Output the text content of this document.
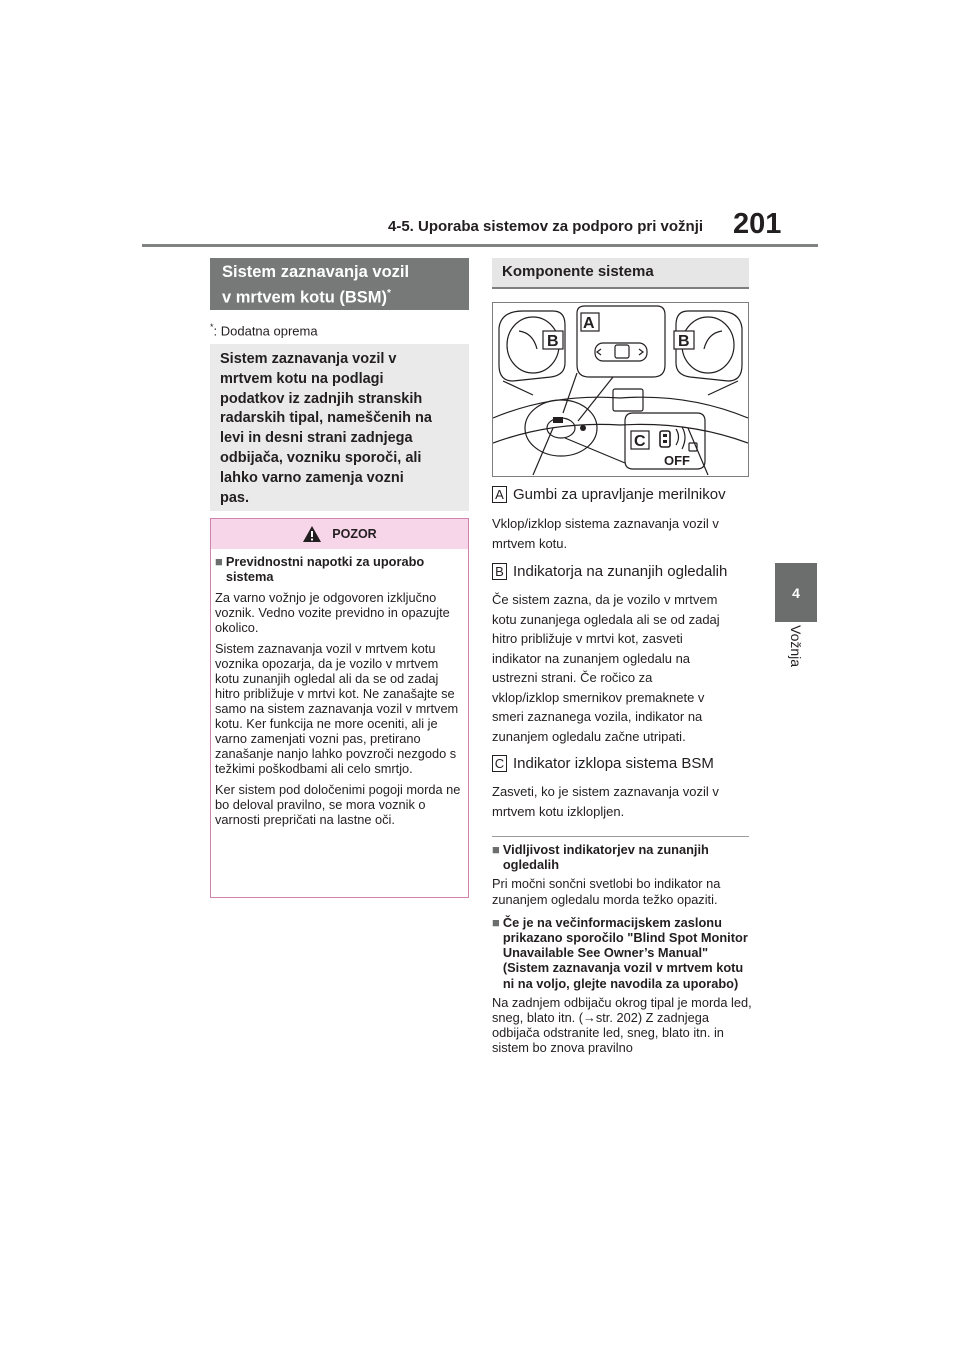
4-5. Uporaba sistemov za podporo pri vožnji 201
4
Vožnja
Sistem zaznavanja vozil
v mrtvem kotu (BSM)*
*: Dodatna oprema
Sistem zaznavanja vozil v
mrtvem kotu na podlagi
podatkov iz zadnjih stranskih
radarskih tipal, nameščenih na
levi in desni strani zadnjega
odbijača, vozniku sporoči, ali
lahko varno zamenja vozni
pas.
POZOR
■ Previdnostni napotki za uporabo sistema

Za varno vožnjo je odgovoren izključno voznik. Vedno vozite previdno in opazujte okolico.

Sistem zaznavanja vozil v mrtvem kotu voznika opozarja, da je vozilo v mrtvem kotu zunanjih ogledal ali da se od zadaj hitro približuje v mrtvi kot. Ne zanašajte se samo na sistem zaznavanja vozil v mrtvem kotu. Ker funkcija ne more oceniti, ali je varno zamenjati vozni pas, pretirano zanašanje nanjo lahko povzroči nezgodo s težkimi poškodbami ali celo smrtjo.

Ker sistem pod določenimi pogoji morda ne bo deloval pravilno, se mora voznik o varnosti prepričati na lastne oči.

Komponente sistema
A
B	B
C
OFF
A Gumbi za upravljanje merilnikov
Vklop/izklop sistema zaznavanja vozil v
mrtvem kotu.
B Indikatorja na zunanjih ogledalih
Če sistem zazna, da je vozilo v mrtvem
kotu zunanjega ogledala ali se od zadaj
hitro približuje v mrtvi kot, zasveti
indikator na zunanjem ogledalu na
ustrezni strani. Če ročico za
vklop/izklop smernikov premaknete v
smeri zaznanega vozila, indikator na
zunanjem ogledalu začne utripati.
C Indikator izklopa sistema BSM
Zasveti, ko je sistem zaznavanja vozil v
mrtvem kotu izklopljen.
■ Vidljivost indikatorjev na zunanjih ogledalih

Pri močni sončni svetlobi bo indikator na zunanjem ogledalu morda težko opaziti.

■ Če je na večinformacijskem zaslonu prikazano sporočilo "Blind Spot Monitor Unavailable See Owner’s Manual" (Sistem zaznavanja vozil v mrtvem kotu ni na voljo, glejte navodila za uporabo)

Na zadnjem odbijaču okrog tipal je morda led, sneg, blato itn. (→str. 202) Z zadnjega odbijača odstranite led, sneg, blato itn. in sistem bo znova pravilno
